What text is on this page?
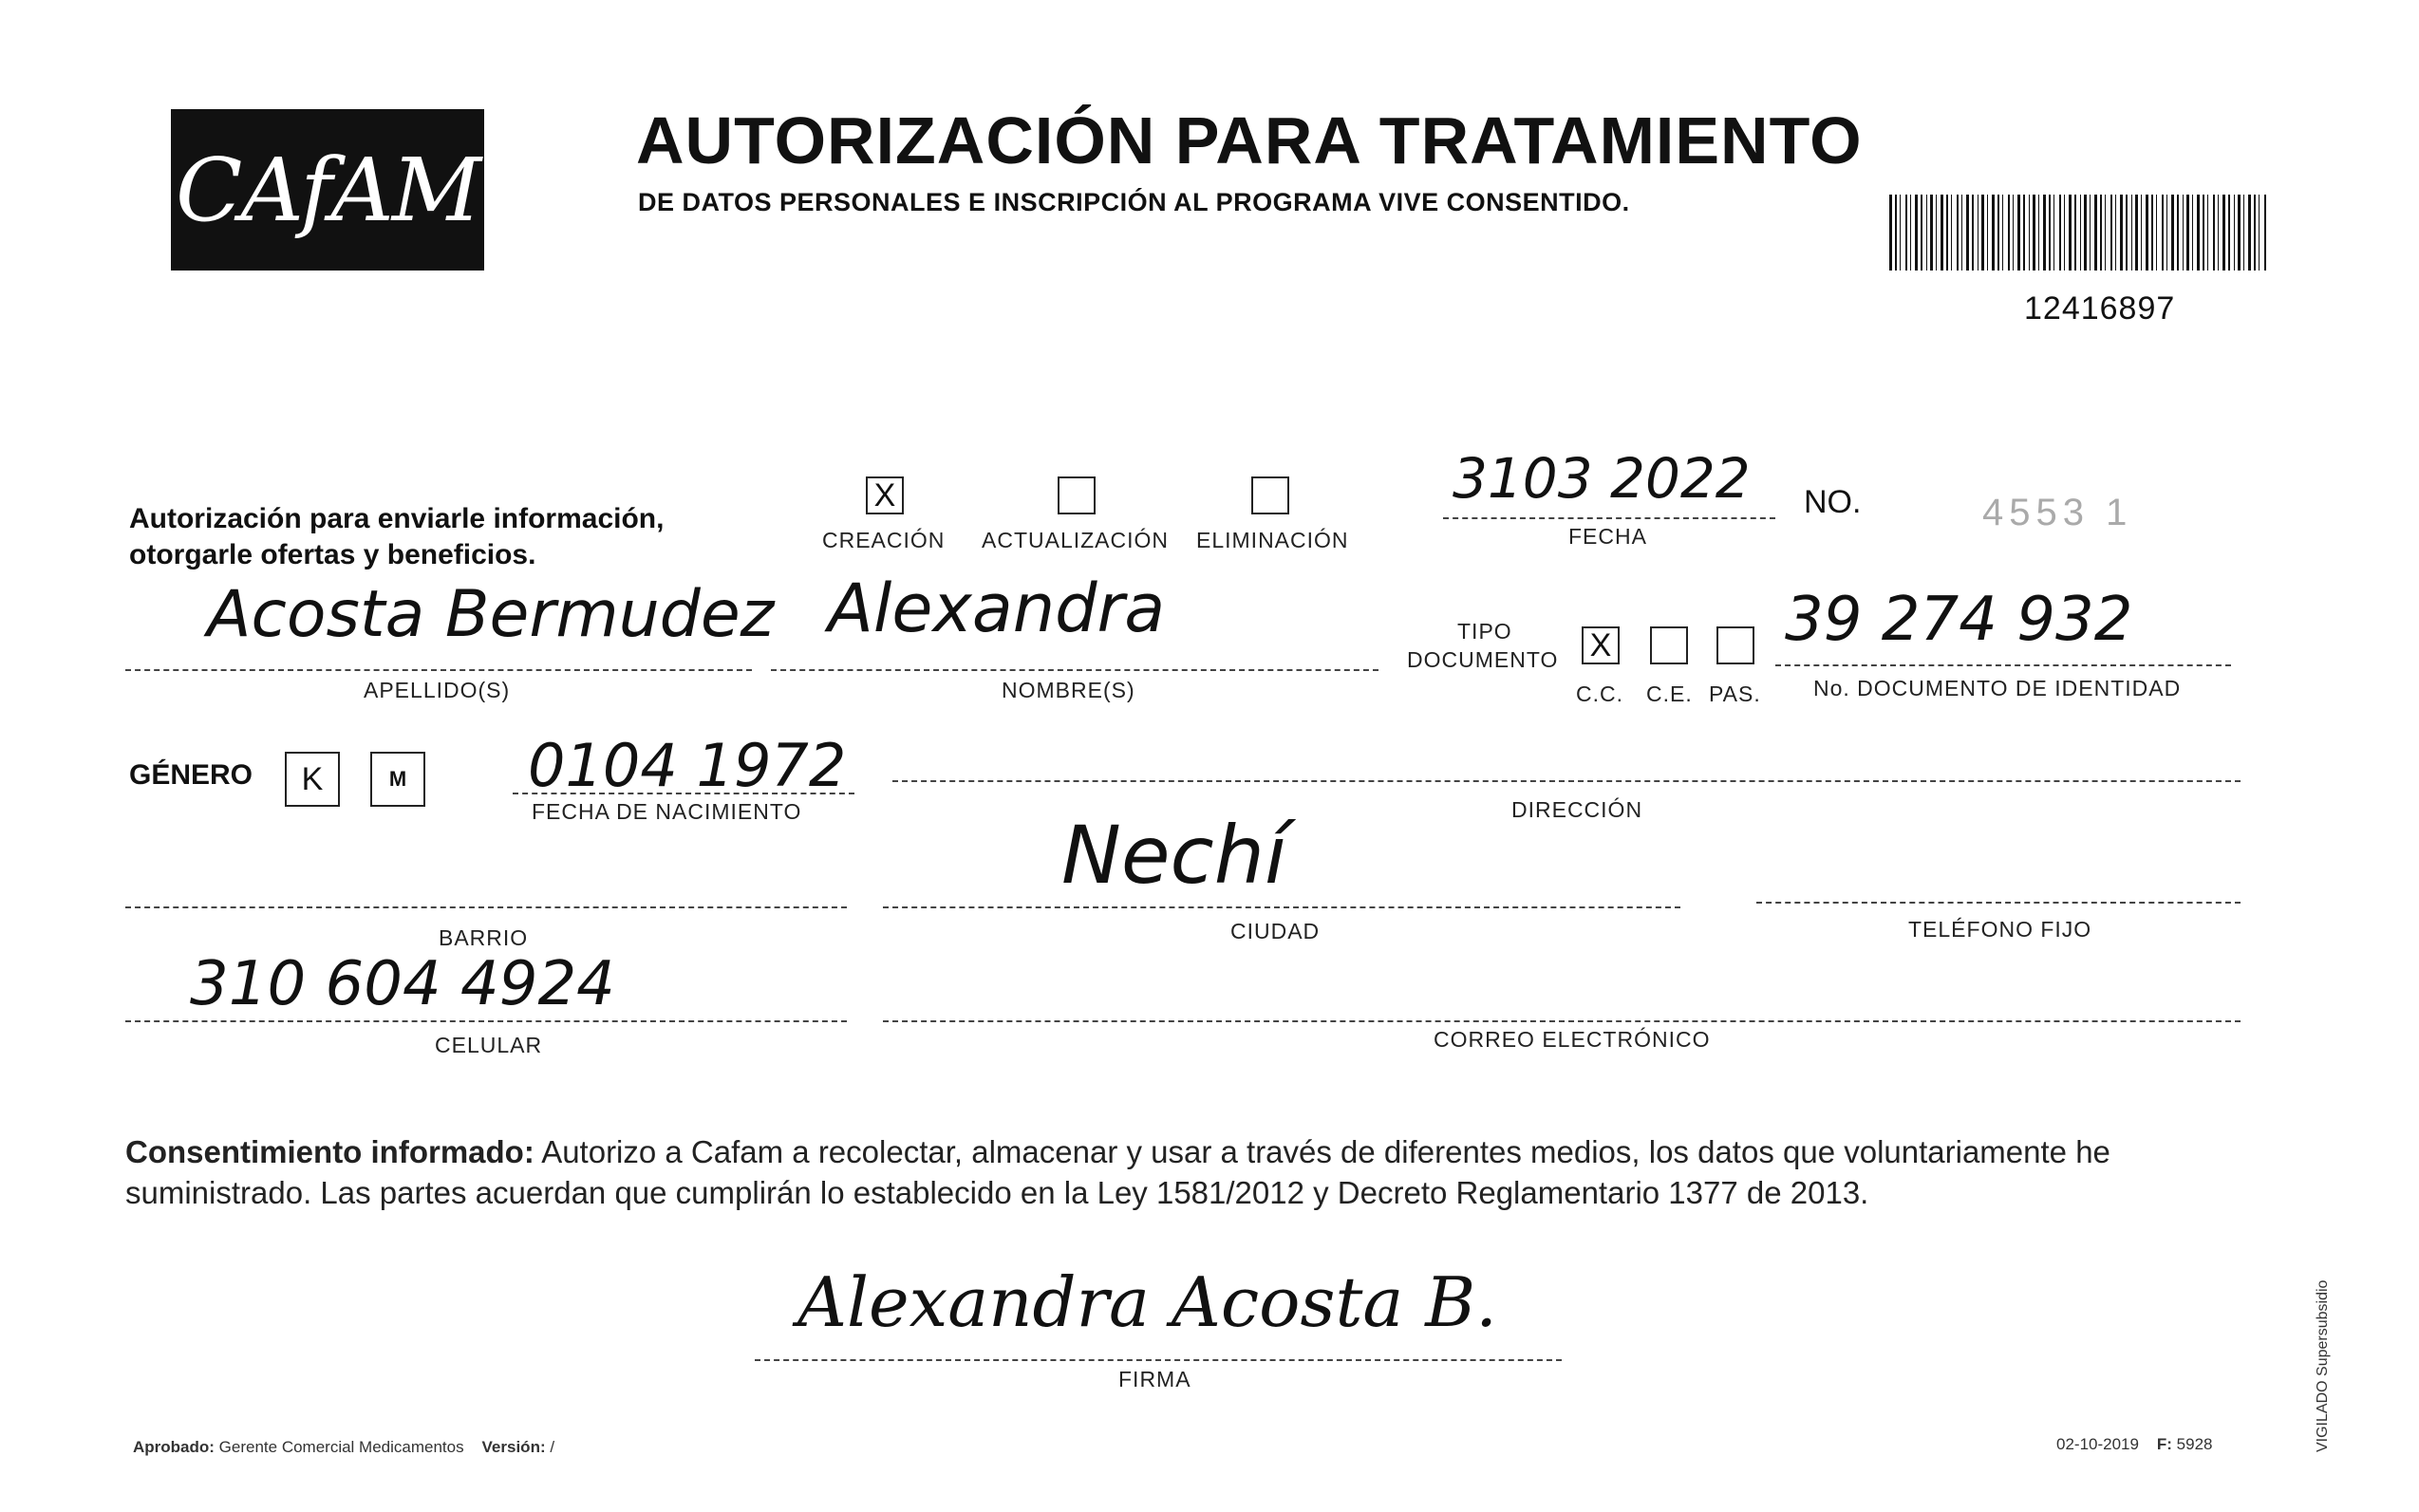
CAfAM AUTORIZACIÓN PARA TRATAMIENTO
DE DATOS PERSONALES E INSCRIPCIÓN AL PROGRAMA VIVE CONSENTIDO.
12416897
Autorización para enviarle información,
otorgarle ofertas y beneficios.
X
CREACIÓN ACTUALIZACIÓN ELIMINACIÓN
3103 2022
FECHA
NO.	4553 1
Acosta Bermudez
APELLIDO(S)
Alexandra
NOMBRE(S)
TIPO
DOCUMENTO X
C.C. C.E. PAS.
39 274 932
No. DOCUMENTO DE IDENTIDAD
GÉNERO K	M 0104 1972
FECHA DE NACIMIENTO	DIRECCIÓN
BARRIO
Nechí
CIUDAD	TELÉFONO FIJO
310 604 4924
CELULAR	CORREO ELECTRÓNICO
Consentimiento informado: Autorizo a Cafam a recolectar, almacenar y usar a través de diferentes medios, los datos que voluntariamente he suministrado. Las partes acuerdan que cumplirán lo establecido en la Ley 1581/2012 y Decreto Reglamentario 1377 de 2013.
Alexandra Acosta B.
FIRMA
Aprobado: Gerente Comercial Medicamentos Versión: /	02-10-2019 F: 5928	VIGILADO Supersubsidio
